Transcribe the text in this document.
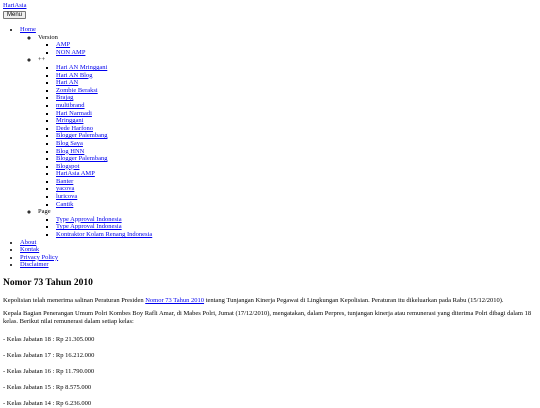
HariAsia
Menu
• Home
◦ Version
▪ AMP
▪ NON AMP
◦ ++
▪ Hari AN Mringgani
▪ Hari AN Blog
▪ Hari AN
▪ Zombie Beraksi
▪ Brajag
▪ multibrand
▪ Hari Narmadi
▪ Mringgani
▪ Dede Harfono
▪ Blogger Palembang
▪ Blog Saya
▪ Blog HNN
▪ Blogger Palembang
▪ Blogspot
▪ HariAsia AMP
▪ Banter
▪ yacova
▪ luricova
▪ Cantik
◦ Page
▪ Type Approval Indonesia
▪ Type Approval Indonesia
▪ Kontraktor Kolam Renang Indonesia
• About
• Kontak
• Privacy Policy
• Disclaimer
Nomor 73 Tahun 2010

Kepolisian telah menerima salinan Peraturan Presiden Nomor 73 Tahun 2010 tentang Tunjangan Kinerja Pegawai di Lingkungan Kepolisian. Peraturan itu dikeluarkan pada Rabu (15/12/2010).

Kepala Bagian Penerangan Umum Polri Kombes Boy Rafli Amar, di Mabes Polri, Jumat (17/12/2010), mengatakan, dalam Perpres, tunjangan kinerja atau remunerasi yang diterima Polri dibagi dalam 18 kelas. Berikut nilai remunerasi dalam setiap kelas:

- Kelas Jabatan 18 : Rp 21.305.000

- Kelas Jabatan 17 : Rp 16.212.000

- Kelas Jabatan 16 : Rp 11.790.000

- Kelas Jabatan 15 : Rp 8.575.000

- Kelas Jabatan 14 : Rp 6.236.000
